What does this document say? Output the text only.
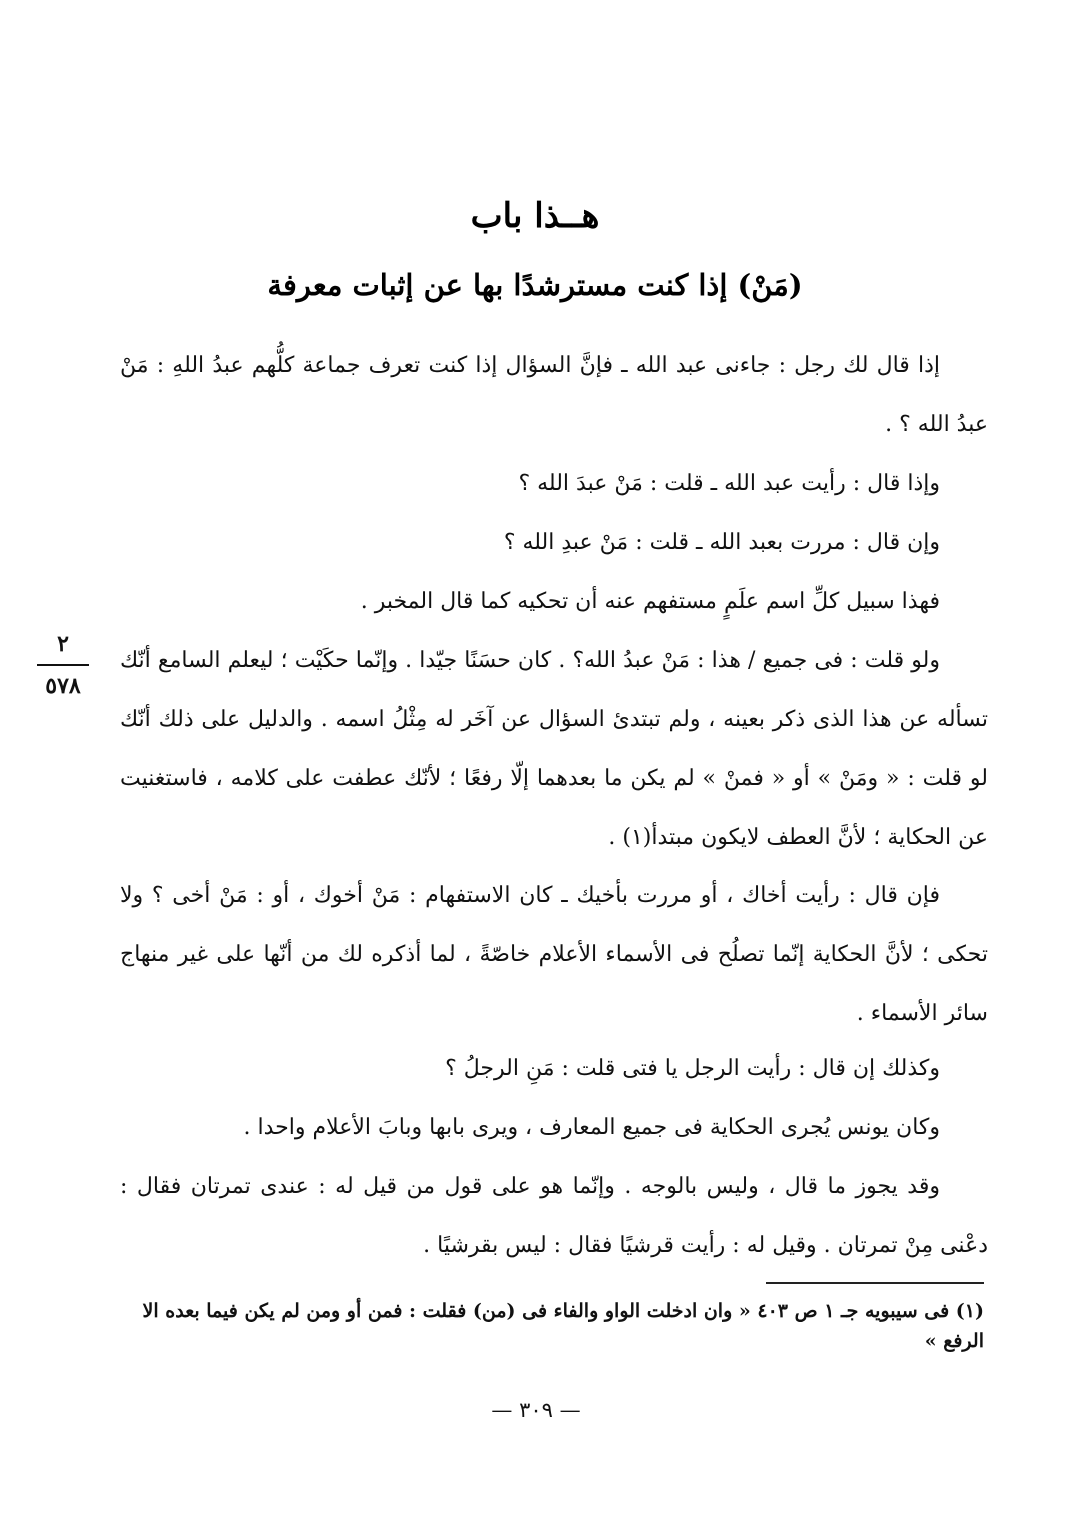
هــذا باب
(مَنْ) إذا كنت مسترشدًا بها عن إثبات معرفة
إذا قال لك رجل : جاءنى عبد الله ـ فإنَّ السؤال إذا كنت تعرف جماعة كلُّهم عبدُ اللهِ : مَنْ عبدُ الله ؟ .
وإذا قال : رأيت عبد الله ـ قلت : مَنْ عبدَ الله ؟
وإن قال : مررت بعبد الله ـ قلت : مَنْ عبدِ الله ؟
فهذا سبيل كلِّ اسم علَمٍ مستفهم عنه أن تحكيه كما قال المخبر .
ولو قلت : فى جميع / هذا : مَنْ عبدُ الله؟ . كان حسَنًا جيّدا . وإنّما حكَيْت ؛ ليعلم السامع أنّك تسأله عن هذا الذى ذكر بعينه ، ولم تبتدئ السؤال عن آخَر له مِثْلُ اسمه . والدليل على ذلك أنّك لو قلت : « ومَنْ » أو « فمنْ » لم يكن ما بعدهما إلّا رفعًا ؛ لأنّك عطفت على كلامه ، فاستغنيت عن الحكاية ؛ لأنَّ العطف لايكون مبتدأ(١) .
فإن قال : رأيت أخاك ، أو مررت بأخيك ـ كان الاستفهام : مَنْ أخوك ، أو : مَنْ أخى ؟ ولا تحكى ؛ لأنَّ الحكاية إنّما تصلُح فى الأسماء الأعلام خاصّةً ، لما أذكره لك من أنّها على غير منهاج سائر الأسماء .
وكذلك إن قال : رأيت الرجل يا فتى قلت : مَنِ الرجلُ ؟
وكان يونس يُجرى الحكاية فى جميع المعارف ، ويرى بابها وبابَ الأعلام واحدا .
وقد يجوز ما قال ، وليس بالوجه . وإنّما هو على قول من قيل له : عندى تمرتان فقال : دعْنى مِنْ تمرتان . وقيل له : رأيت قرشيًا فقال : ليس بقرشيًا .
٢
٥٧٨
(١) فى سيبويه جـ ١ ص ٤٠٣ « وان ادخلت الواو والفاء فى (من) فقلت : فمن أو ومن لم يكن فيما بعده الا الرفع »
— ٣٠٩ —
